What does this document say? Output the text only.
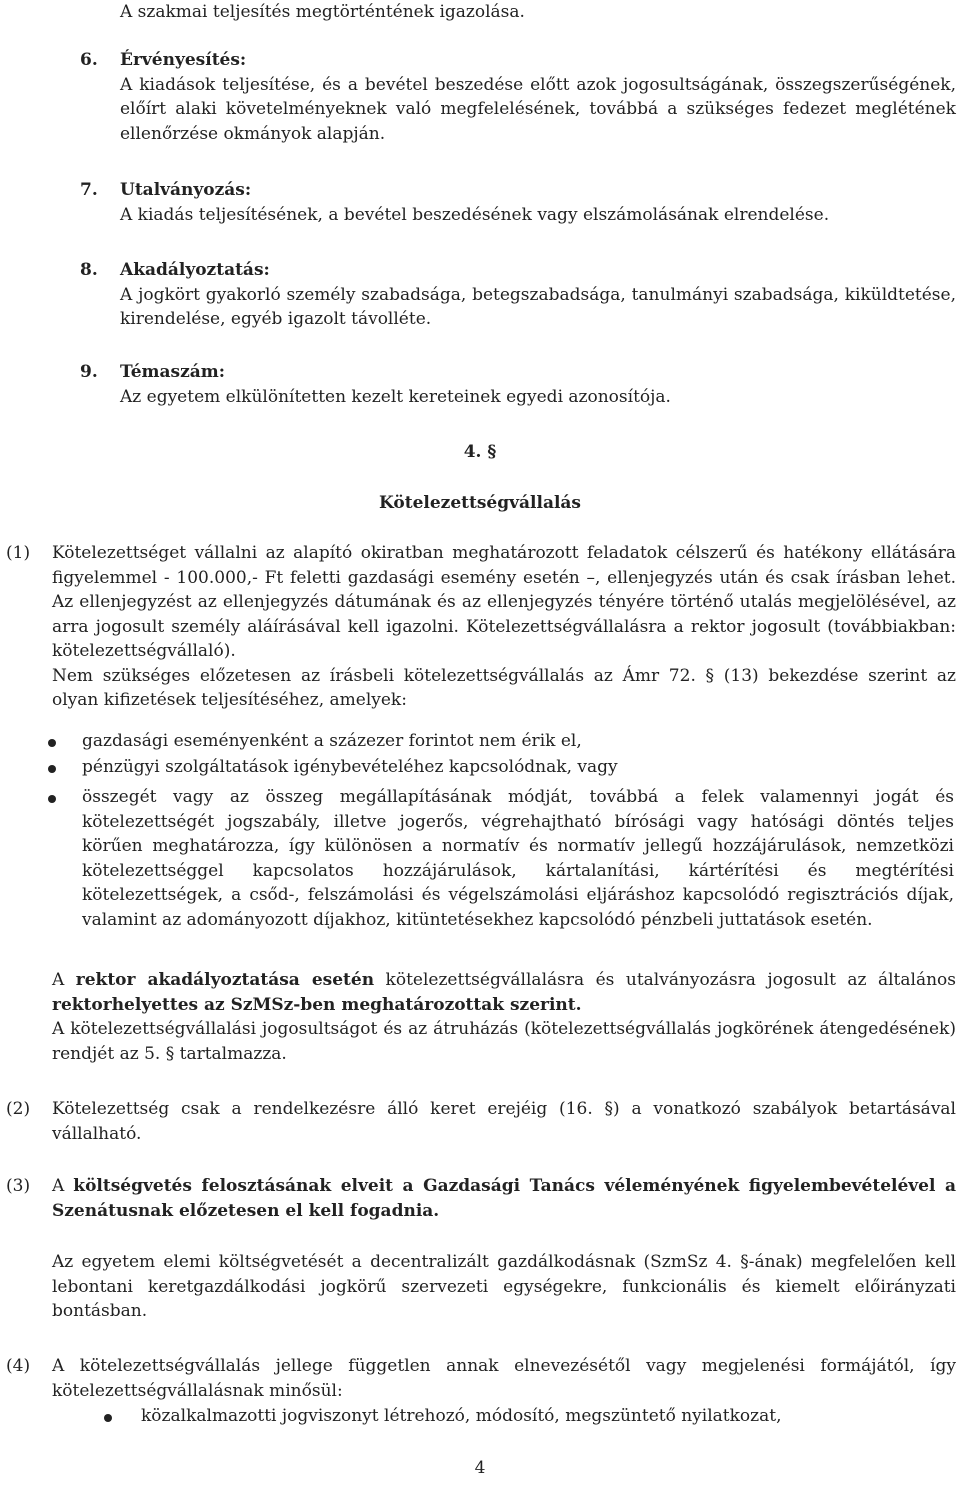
A szakmai teljesítés megtörténtének igazolása.
6. Érvényesítés:
A kiadások teljesítése, és a bevétel beszedése előtt azok jogosultságának, összegszerűségének,
előírt alaki követelményeknek való megfelelésének, továbbá a szükséges fedezet meglétének
ellenőrzése okmányok alapján.
7. Utalványozás:
A kiadás teljesítésének, a bevétel beszedésének vagy elszámolásának elrendelése.
8. Akadályoztatás:
A jogkört gyakorló személy szabadsága, betegszabadsága, tanulmányi szabadsága, kiküldtetése,
kirendelése, egyéb igazolt távolléte.
9. Témaszám:
Az egyetem elkülönítetten kezelt kereteinek egyedi azonosítója.
4. §
Kötelezettségvállalás
(1) Kötelezettséget vállalni az alapító okiratban meghatározott feladatok célszerű és hatékony ellátására
figyelemmel - 100.000,- Ft feletti gazdasági esemény esetén –, ellenjegyzés után és csak írásban lehet.
Az ellenjegyzést az ellenjegyzés dátumának és az ellenjegyzés tényére történő utalás megjelölésével, az
arra jogosult személy aláírásával kell igazolni. Kötelezettségvállalásra a rektor jogosult (továbbiakban:
kötelezettségvállaló).
Nem szükséges előzetesen az írásbeli kötelezettségvállalás az Ámr 72. § (13) bekezdése szerint az
olyan kifizetések teljesítéséhez, amelyek:
gazdasági eseményenként a százezer forintot nem érik el,
pénzügyi szolgáltatások igénybevételéhez kapcsolódnak, vagy
összegét vagy az összeg megállapításának módját, továbbá a felek valamennyi jogát és
kötelezettségét jogszabály, illetve jogerős, végrehajtható bírósági vagy hatósági döntés teljes
körűen meghatározza, így különösen a normatív és normatív jellegű hozzájárulások, nemzetközi
kötelezettséggel kapcsolatos hozzájárulások, kártalanítási, kártérítési és megtérítési
kötelezettségek, a csőd-, felszámolási és végelszámolási eljáráshoz kapcsolódó regisztrációs díjak,
valamint az adományozott díjakhoz, kitüntetésekhez kapcsolódó pénzbeli juttatások esetén.
A rektor akadályoztatása esetén kötelezettségvállalásra és utalványozásra jogosult az általános
rektorhelyettes az SzMSz-ben meghatározottak szerint.
A kötelezettségvállalási jogosultságot és az átruházás (kötelezettségvállalás jogkörének átengedésének)
rendjét az 5. § tartalmazza.
(2) Kötelezettség csak a rendelkezésre álló keret erejéig (16. §) a vonatkozó szabályok betartásával
vállalható.
(3) A költségvetés felosztásának elveit a Gazdasági Tanács véleményének figyelembevételével a
Szenátusnak előzetesen el kell fogadnia.
Az egyetem elemi költségvetését a decentralizált gazdálkodásnak (SzmSz 4. §-ának) megfelelően kell
lebontani keretgazdálkodási jogkörű szervezeti egységekre, funkcionális és kiemelt előirányzati
bontásban.
(4) A kötelezettségvállalás jellege független annak elnevezésétől vagy megjelenési formájától, így
kötelezettségvállalásnak minősül:
közalkalmazotti jogviszonyt létrehozó, módosító, megszüntető nyilatkozat,
4
